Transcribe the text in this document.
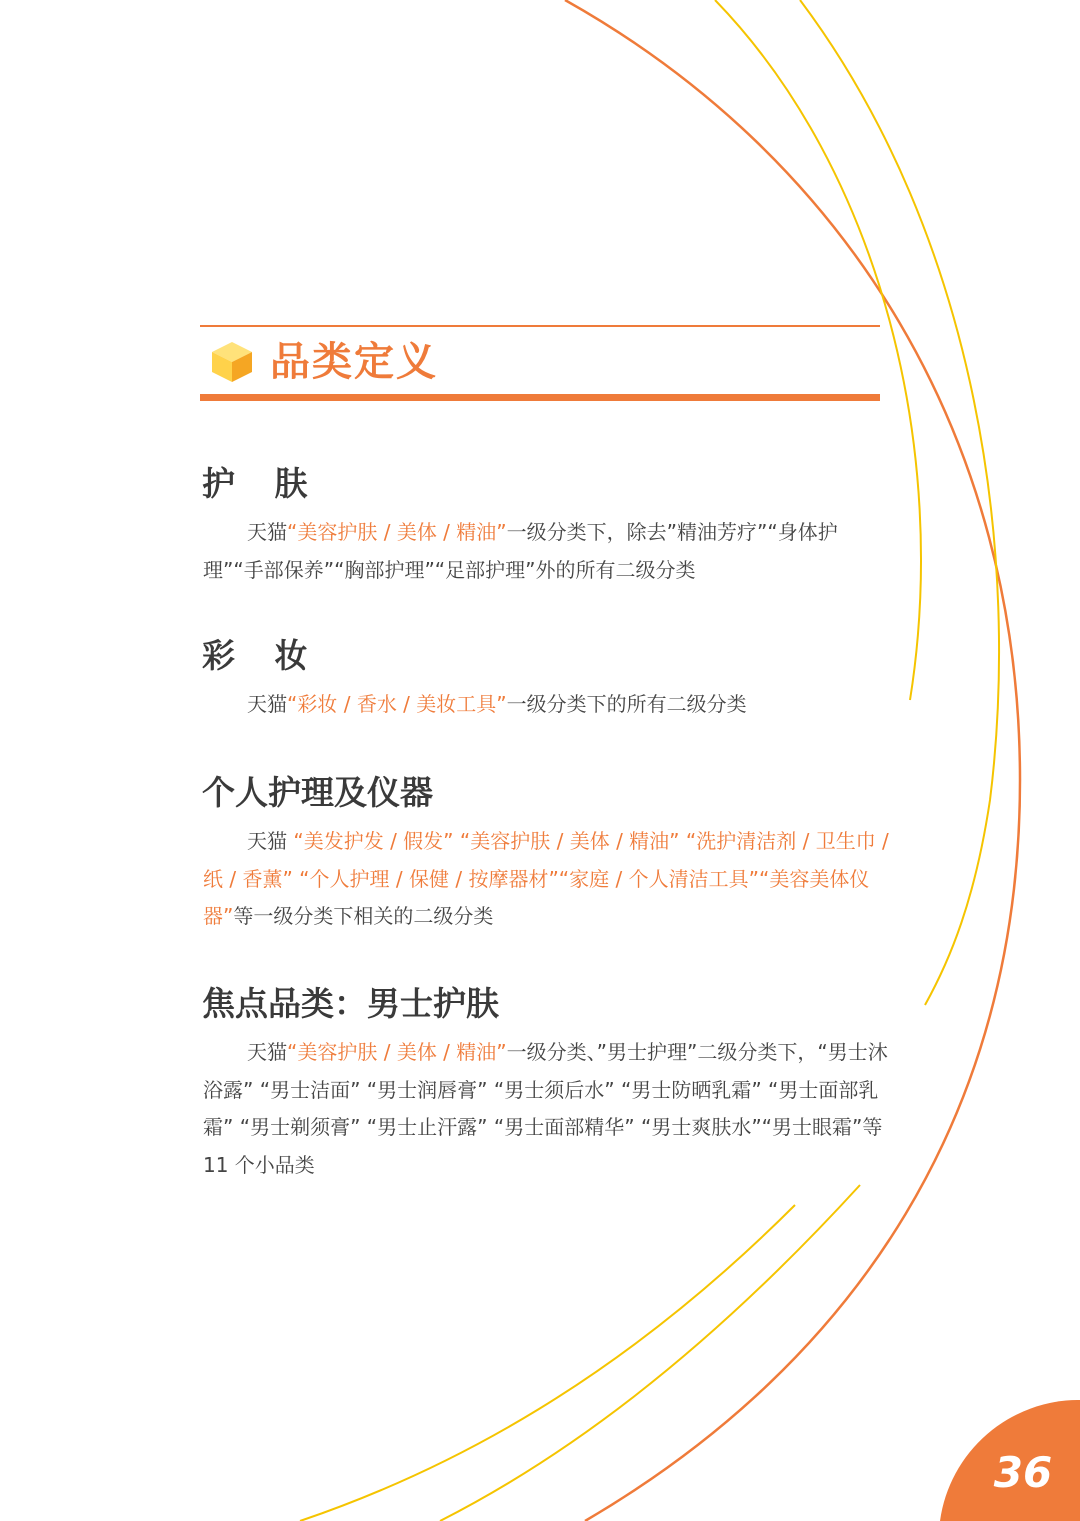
品类定义
护 肤

天猫“美容护肤 / 美体 / 精油”一级分类下，除去”精油芳疗”“身体护理”“手部保养”“胸部护理”“足部护理”外的所有二级分类

彩 妆

天猫“彩妆 / 香水 / 美妆工具”一级分类下的所有二级分类

个人护理及仪器

天猫 “美发护发 / 假发” “美容护肤 / 美体 / 精油” “洗护清洁剂 / 卫生巾 / 纸 / 香薰” “个人护理 / 保健 / 按摩器材”“家庭 / 个人清洁工具”“美容美体仪器”等一级分类下相关的二级分类

焦点品类：男士护肤

天猫“美容护肤 / 美体 / 精油”一级分类、”男士护理”二级分类下，“男士沐浴露” “男士洁面” “男士润唇膏” “男士须后水” “男士防晒乳霜” “男士面部乳霜” “男士剃须膏” “男士止汗露” “男士面部精华” “男士爽肤水”“男士眼霜”等 11 个小品类

36
